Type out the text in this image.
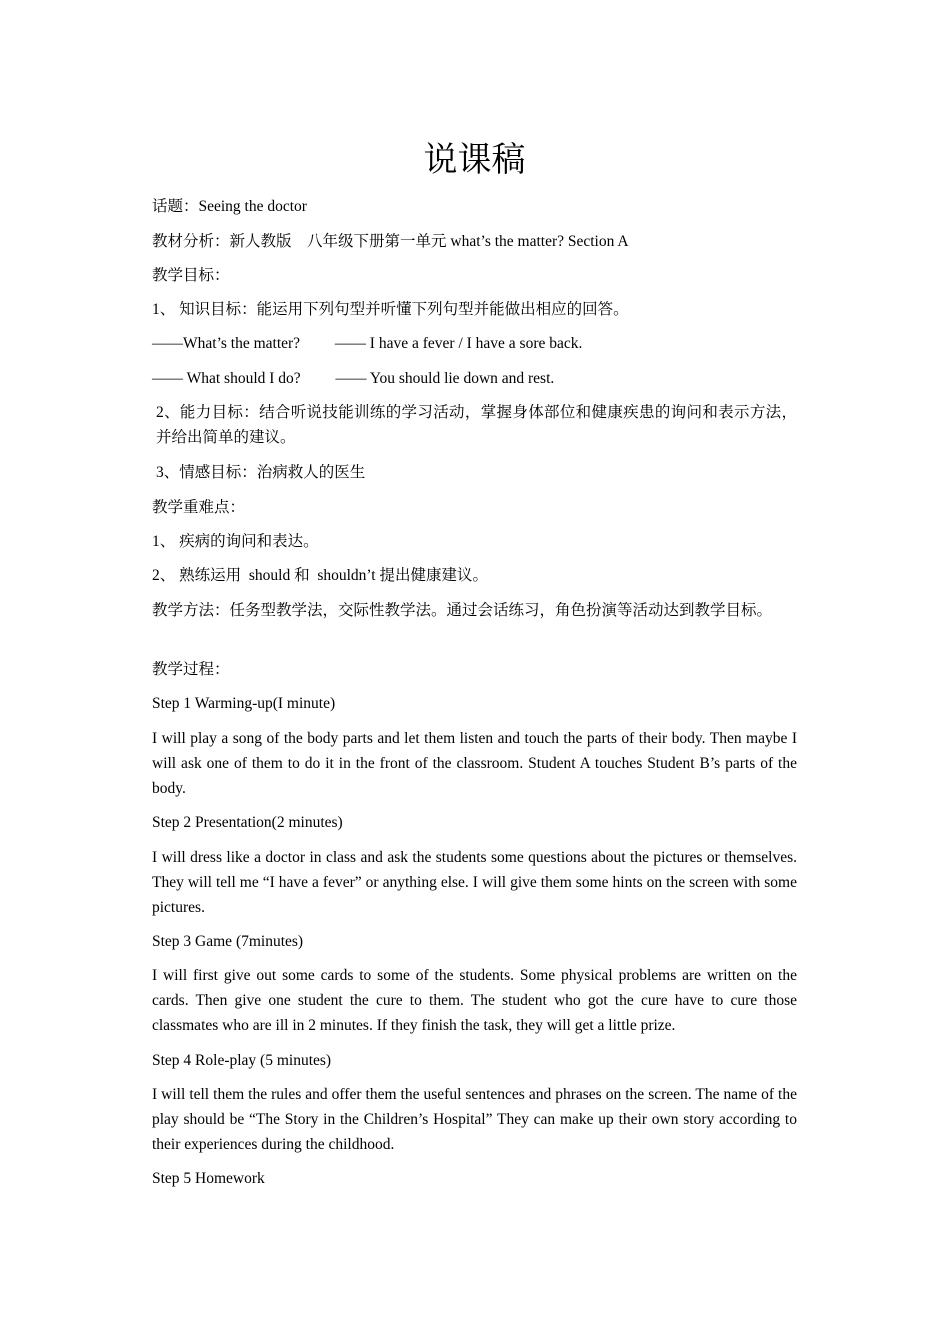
说课稿

话题：Seeing the doctor

教材分析：新人教版　八年级下册第一单元 what’s the matter? Section A

教学目标：

1、 知识目标：能运用下列句型并听懂下列句型并能做出相应的回答。

——What’s the matter?　　 —— I have a fever / I have a sore back.

—— What should I do?　　 —— You should lie down and rest.

2、能力目标：结合听说技能训练的学习活动，掌握身体部位和健康疾患的询问和表示方法，并给出简单的建议。

3、情感目标：治病救人的医生

教学重难点：

1、 疾病的询问和表达。

2、 熟练运用  should 和  shouldn’t 提出健康建议。

教学方法：任务型教学法，交际性教学法。通过会话练习，角色扮演等活动达到教学目标。

教学过程：

Step 1 Warming-up(I minute)

I will play a song of the body parts and let them listen and touch the parts of their body. Then maybe I will ask one of them to do it in the front of the classroom. Student A touches Student B’s parts of the body.

Step 2 Presentation(2 minutes)

I will dress like a doctor in class and ask the students some questions about the pictures or themselves. They will tell me “I have a fever” or anything else. I will give them some hints on the screen with some pictures.

Step 3 Game (7minutes)

I will first give out some cards to some of the students. Some physical problems are written on the cards. Then give one student the cure to them. The student who got the cure have to cure those classmates who are ill in 2 minutes. If they finish the task, they will get a little prize.

Step 4 Role-play (5 minutes)

I will tell them the rules and offer them the useful sentences and phrases on the screen. The name of the play should be “The Story in the Children’s Hospital” They can make up their own story according to their experiences during the childhood.

Step 5 Homework
